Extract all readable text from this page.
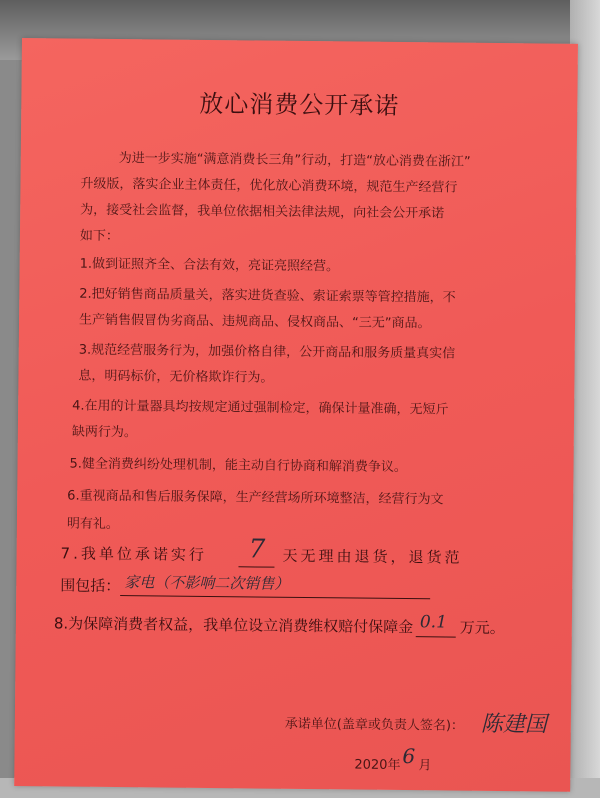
放心消费公开承诺
为进一步实施“满意消费长三角”行动，打造“放心消费在浙江”
升级版，落实企业主体责任，优化放心消费环境，规范生产经营行
为，接受社会监督，我单位依据相关法律法规，向社会公开承诺
如下：
1.做到证照齐全、合法有效，亮证亮照经营。
2.把好销售商品质量关，落实进货查验、索证索票等管控措施，不
生产销售假冒伪劣商品、违规商品、侵权商品、“三无”商品。
3.规范经营服务行为，加强价格自律，公开商品和服务质量真实信
息，明码标价，无价格欺诈行为。
4.在用的计量器具均按规定通过强制检定，确保计量准确，无短斤
缺两行为。
5.健全消费纠纷处理机制，能主动自行协商和解消费争议。
6.重视商品和售后服务保障，生产经营场所环境整洁，经营行为文
明有礼。
7.我单位承诺实行 7 天无理由退货，退货范
围包括： 家电（不影响二次销售）
8.为保障消费者权益，我单位设立消费维权赔付保障金 0.1 万元。
承诺单位(盖章或负责人签名)： 陈建国
2020年 6 月
